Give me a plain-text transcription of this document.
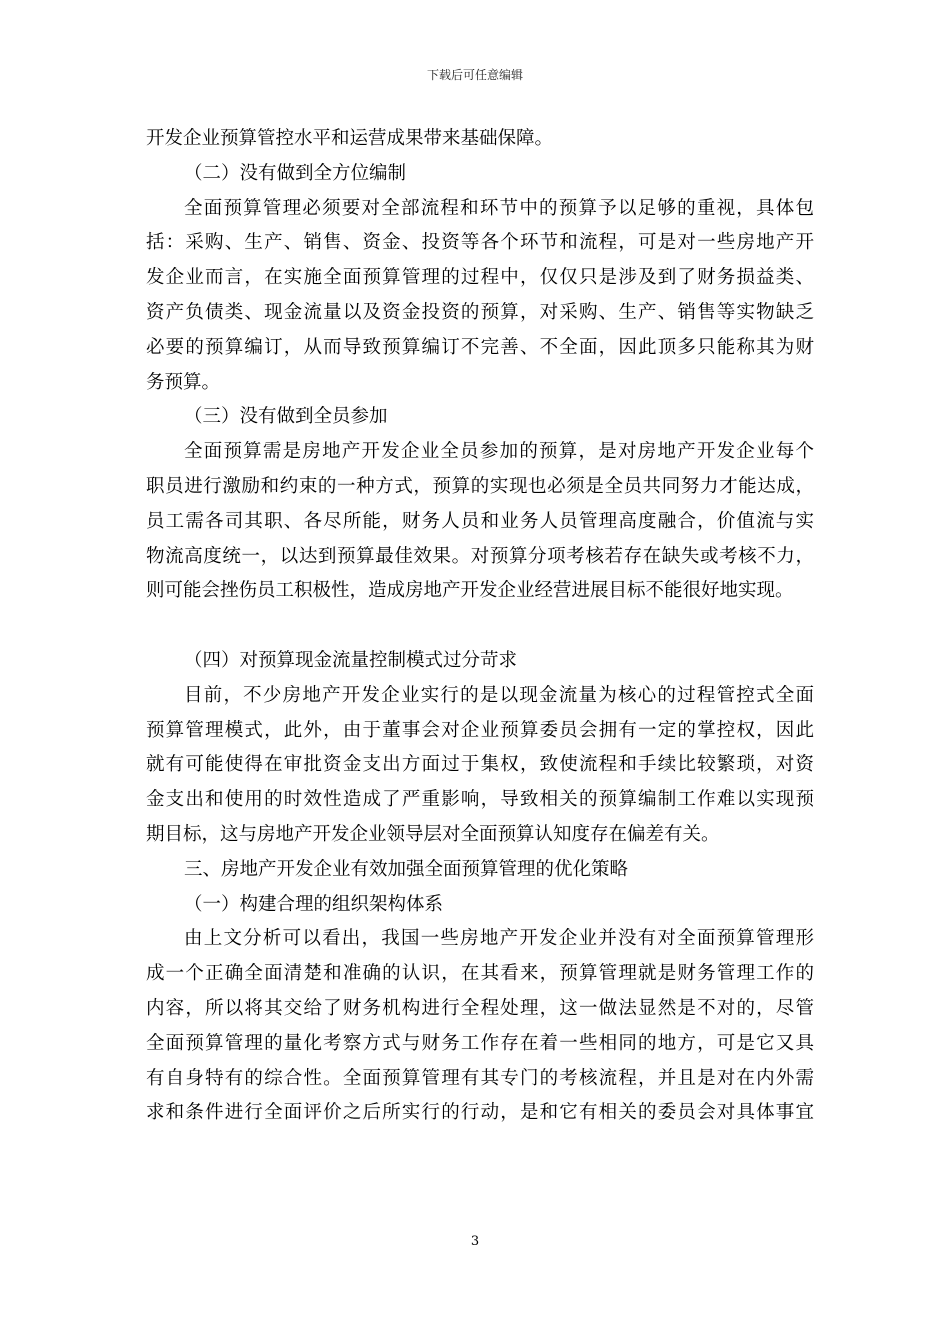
下载后可任意编辑
开发企业预算管控水平和运营成果带来基础保障。
（二）没有做到全方位编制
全面预算管理必须要对全部流程和环节中的预算予以足够的重视，具体包
括：采购、生产、销售、资金、投资等各个环节和流程，可是对一些房地产开
发企业而言，在实施全面预算管理的过程中，仅仅只是涉及到了财务损益类、
资产负债类、现金流量以及资金投资的预算，对采购、生产、销售等实物缺乏
必要的预算编订，从而导致预算编订不完善、不全面，因此顶多只能称其为财
务预算。
（三）没有做到全员参加
全面预算需是房地产开发企业全员参加的预算，是对房地产开发企业每个
职员进行激励和约束的一种方式，预算的实现也必须是全员共同努力才能达成，
员工需各司其职、各尽所能，财务人员和业务人员管理高度融合，价值流与实
物流高度统一，以达到预算最佳效果。对预算分项考核若存在缺失或考核不力，
则可能会挫伤员工积极性，造成房地产开发企业经营进展目标不能很好地实现。
（四）对预算现金流量控制模式过分苛求
目前，不少房地产开发企业实行的是以现金流量为核心的过程管控式全面
预算管理模式，此外，由于董事会对企业预算委员会拥有一定的掌控权，因此
就有可能使得在审批资金支出方面过于集权，致使流程和手续比较繁琐，对资
金支出和使用的时效性造成了严重影响，导致相关的预算编制工作难以实现预
期目标，这与房地产开发企业领导层对全面预算认知度存在偏差有关。
三、房地产开发企业有效加强全面预算管理的优化策略
（一）构建合理的组织架构体系
由上文分析可以看出，我国一些房地产开发企业并没有对全面预算管理形
成一个正确全面清楚和准确的认识，在其看来，预算管理就是财务管理工作的
内容，所以将其交给了财务机构进行全程处理，这一做法显然是不对的，尽管
全面预算管理的量化考察方式与财务工作存在着一些相同的地方，可是它又具
有自身特有的综合性。全面预算管理有其专门的考核流程，并且是对在内外需
求和条件进行全面评价之后所实行的行动，是和它有相关的委员会对具体事宜
3
